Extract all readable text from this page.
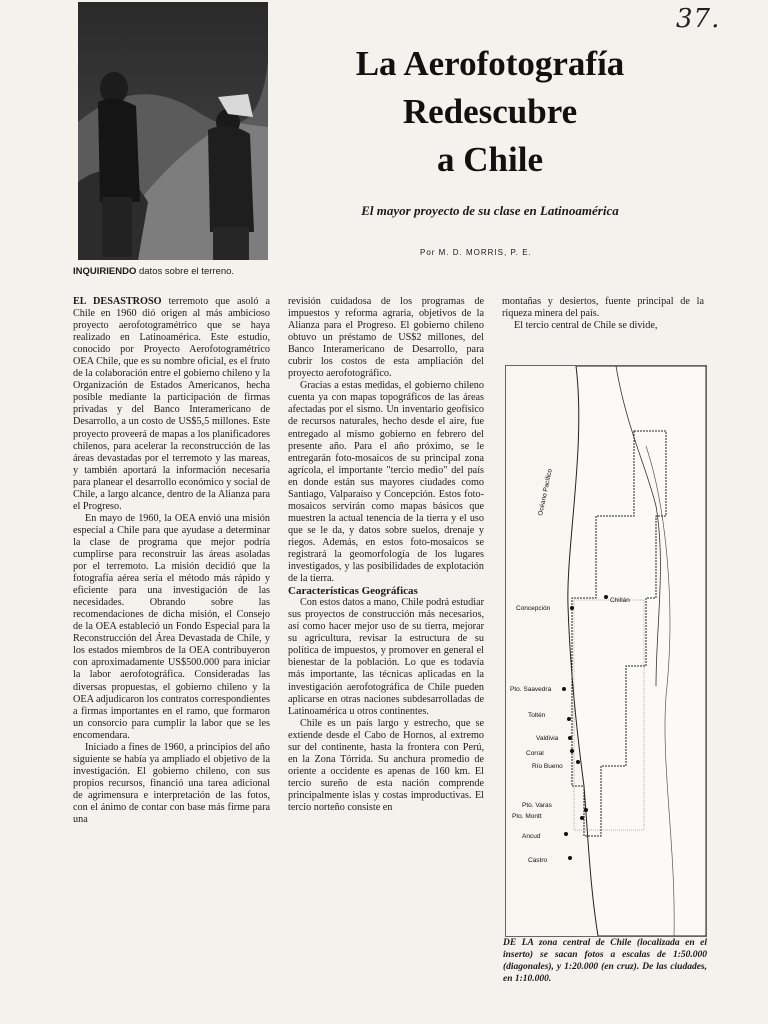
37.
INQUIRIENDO datos sobre el terreno.
La Aerofotografía
Redescubre
a Chile
El mayor proyecto de su clase en Latinoamérica
Por M. D. MORRIS, P. E.

EL DESASTROSO terremoto que asoló a Chile en 1960 dió origen al más ambicioso proyecto aerofotogramétrico que se haya realizado en Latinoamérica. Este estudio, conocido por Proyecto Aerofotogramétrico OEA Chile, que es su nombre oficial, es el fruto de la colaboración entre el gobierno chileno y la Organización de Estados Americanos, hecha posible mediante la participación de firmas privadas y del Banco Interamericano de Desarrollo, a un costo de US$5,5 millones. Este proyecto proveerá de mapas a los planificadores chilenos, para acelerar la reconstrucción de las áreas devastadas por el terremoto y las mareas, y también aportará la información necesaria para planear el desarrollo económico y social de Chile, a largo alcance, dentro de la Alianza para el Progreso.

En mayo de 1960, la OEA envió una misión especial a Chile para que ayudase a determinar la clase de programa que mejor podría cumplirse para reconstruir las áreas asoladas por el terremoto. La misión decidió que la fotografía aérea sería el método más rápido y eficiente para una investigación de las necesidades. Obrando sobre las recomendaciones de dicha misión, el Consejo de la OEA estableció un Fondo Especial para la Reconstrucción del Área Devastada de Chile, y los estados miembros de la OEA contribuyeron con aproximadamente US$500.000 para iniciar la labor aerofotográfica. Consideradas las diversas propuestas, el gobierno chileno y la OEA adjudicaron los contratos correspondientes a firmas importantes en el ramo, que formaron un consorcio para cumplir la labor que se les encomendara.

Iniciado a fines de 1960, a principios del año siguiente se había ya ampliado el objetivo de la investigación. El gobierno chileno, con sus propios recursos, financió una tarea adicional de agrimensura e interpretación de las fotos, con el ánimo de contar con base más firme para una

revisión cuidadosa de los programas de impuestos y reforma agraria, objetivos de la Alianza para el Progreso. El gobierno chileno obtuvo un préstamo de US$2 millones, del Banco Interamericano de Desarrollo, para cubrir los costos de esta ampliación del proyecto aerofotográfico.

Gracias a estas medidas, el gobierno chileno cuenta ya con mapas topográficos de las áreas afectadas por el sismo. Un inventario geofísico de recursos naturales, hecho desde el aire, fue entregado al mismo gobierno en febrero del presente año. Para el año próximo, se le entregarán foto-mosaicos de su principal zona agrícola, el importante "tercio medio" del país en donde están sus mayores ciudades como Santiago, Valparaíso y Concepción. Estos foto-mosaicos servirán como mapas básicos que muestren la actual tenencia de la tierra y el uso que se le da, y datos sobre suelos, drenaje y riegos. Además, en estos foto-mosaicos se registrará la geomorfología de los lugares investigados, y las posibilidades de explotación de la tierra.

Características Geográficas

Con estos datos a mano, Chile podrá estudiar sus proyectos de construcción más necesarios, así como hacer mejor uso de su tierra, mejorar su agricultura, revisar la estructura de su política de impuestos, y promover en general el bienestar de la población. Lo que es todavía más importante, las técnicas aplicadas en la investigación aerofotográfica de Chile pueden aplicarse en otras naciones subdesarrolladas de Latinoamérica u otros continentes.

Chile es un país largo y estrecho, que se extiende desde el Cabo de Hornos, al extremo sur del continente, hasta la frontera con Perú, en la Zona Tórrida. Su anchura promedio de oriente a occidente es apenas de 160 km. El tercio sureño de esta nación comprende principalmente islas y costas improductivas. El tercio norteño consiste en

montañas y desiertos, fuente principal de la riqueza minera del país.

El tercio central de Chile se divide,

Océano Pacífico
Concepción
Chillán
Pto. Saavedra
Toltén
Valdivia
Corral
Río Bueno
Pto. Varas
Pto. Montt
Ancud
Castro
DE LA zona central de Chile (localizada en el inserto) se sacan fotos a escalas de 1:50.000 (diagonales), y 1:20.000 (en cruz). De las ciudades, en 1:10.000.
